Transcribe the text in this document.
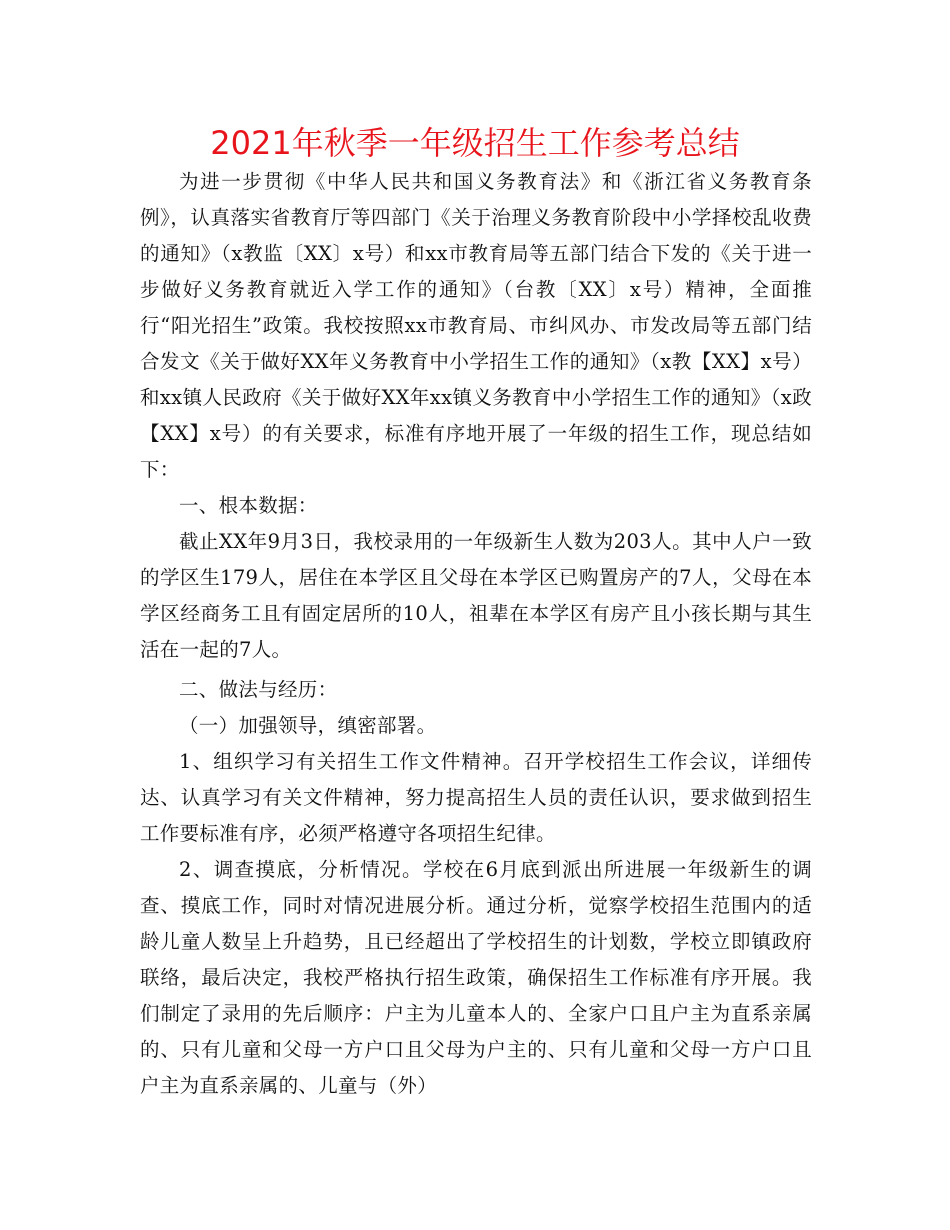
2021年秋季一年级招生工作参考总结

为进一步贯彻《中华人民共和国义务教育法》和《浙江省义务教育条例》，认真落实省教育厅等四部门《关于治理义务教育阶段中小学择校乱收费的通知》（x教监〔XX〕x号）和xx市教育局等五部门结合下发的《关于进一步做好义务教育就近入学工作的通知》（台教〔XX〕x号）精神，全面推行“阳光招生”政策。我校按照xx市教育局、市纠风办、市发改局等五部门结合发文《关于做好XX年义务教育中小学招生工作的通知》（x教【XX】x号）和xx镇人民政府《关于做好XX年xx镇义务教育中小学招生工作的通知》（x政【XX】x号）的有关要求，标准有序地开展了一年级的招生工作，现总结如下：

一、根本数据：

截止XX年9月3日，我校录用的一年级新生人数为203人。其中人户一致的学区生179人，居住在本学区且父母在本学区已购置房产的7人，父母在本学区经商务工且有固定居所的10人，祖辈在本学区有房产且小孩长期与其生活在一起的7人。

二、做法与经历：

（一）加强领导，缜密部署。

1、组织学习有关招生工作文件精神。召开学校招生工作会议，详细传达、认真学习有关文件精神，努力提高招生人员的责任认识，要求做到招生工作要标准有序，必须严格遵守各项招生纪律。

2、调查摸底，分析情况。学校在6月底到派出所进展一年级新生的调查、摸底工作，同时对情况进展分析。通过分析，觉察学校招生范围内的适龄儿童人数呈上升趋势，且已经超出了学校招生的计划数，学校立即镇政府联络，最后决定，我校严格执行招生政策，确保招生工作标准有序开展。我们制定了录用的先后顺序：户主为儿童本人的、全家户口且户主为直系亲属的、只有儿童和父母一方户口且父母为户主的、只有儿童和父母一方户口且户主为直系亲属的、儿童与（外）
